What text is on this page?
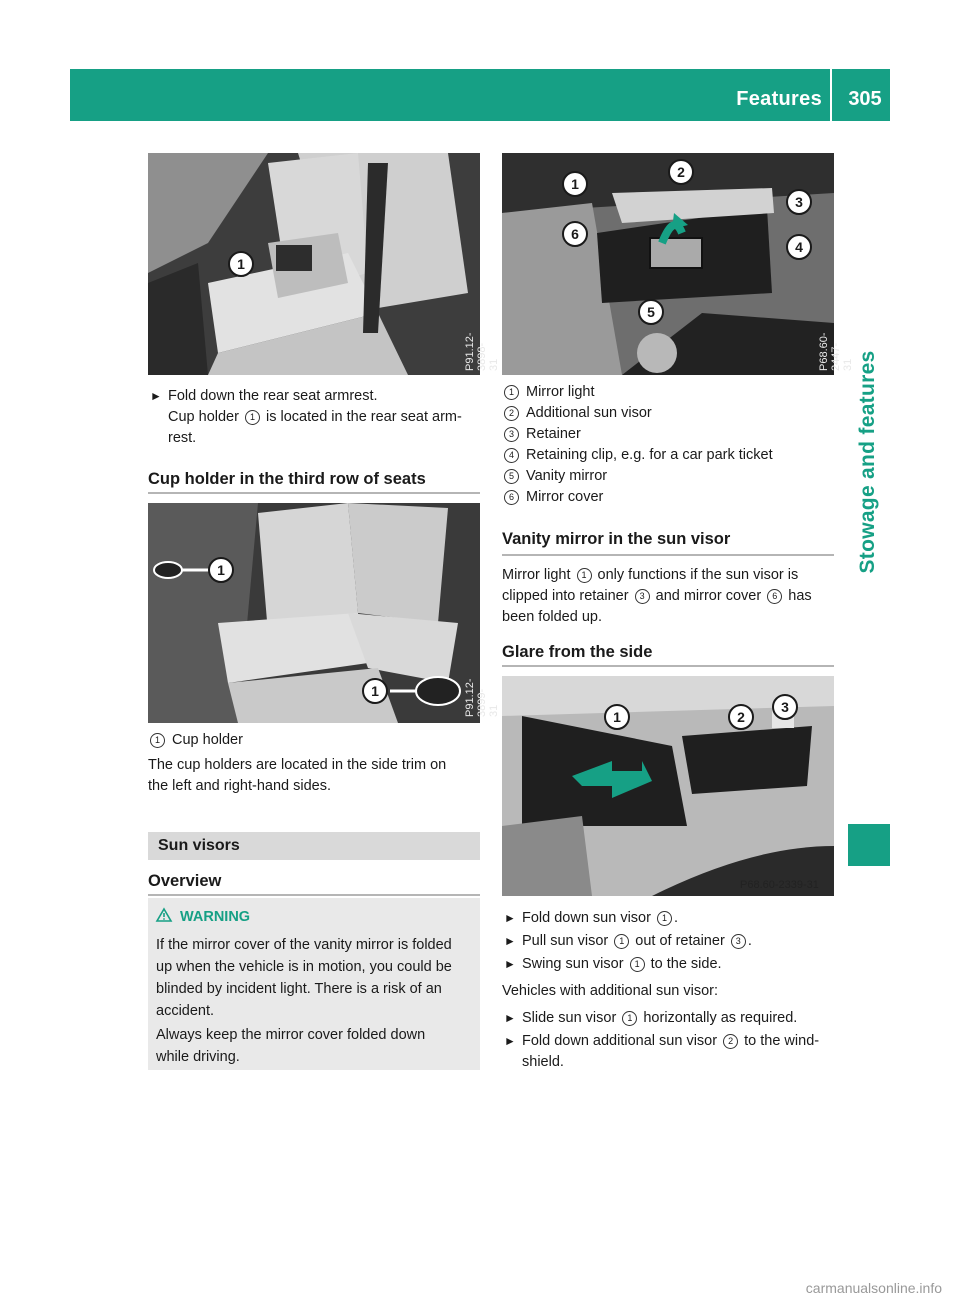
Features	305
Stowage and features
P91.12-3898-31
1
► Fold down the rear seat armrest.
Cup holder 1 is located in the rear seat arm-
rest.
Cup holder in the third row of seats
P91.12-3899-31
1
1
1 Cup holder
The cup holders are located in the side trim on
the left and right-hand sides.
Sun visors
Overview
WARNING
If the mirror cover of the vanity mirror is folded
up when the vehicle is in motion, you could be
blinded by incident light. There is a risk of an
accident.
Always keep the mirror cover folded down
while driving.
P68.60-2447-31
1
2
3
4
5
6
1 Mirror light
2 Additional sun visor
3 Retainer
4 Retaining clip, e.g. for a car park ticket
5 Vanity mirror
6 Mirror cover
Vanity mirror in the sun visor
Mirror light 1 only functions if the sun visor is
clipped into retainer 3 and mirror cover 6 has
been folded up.
Glare from the side
P68.60-2339-31
1	2
3
► Fold down sun visor 1 .
► Pull sun visor 1 out of retainer 3 .
► Swing sun visor 1 to the side.
Vehicles with additional sun visor:
► Slide sun visor 1 horizontally as required.
► Fold down additional sun visor 2 to the wind-
shield.
carmanualsonline.info
